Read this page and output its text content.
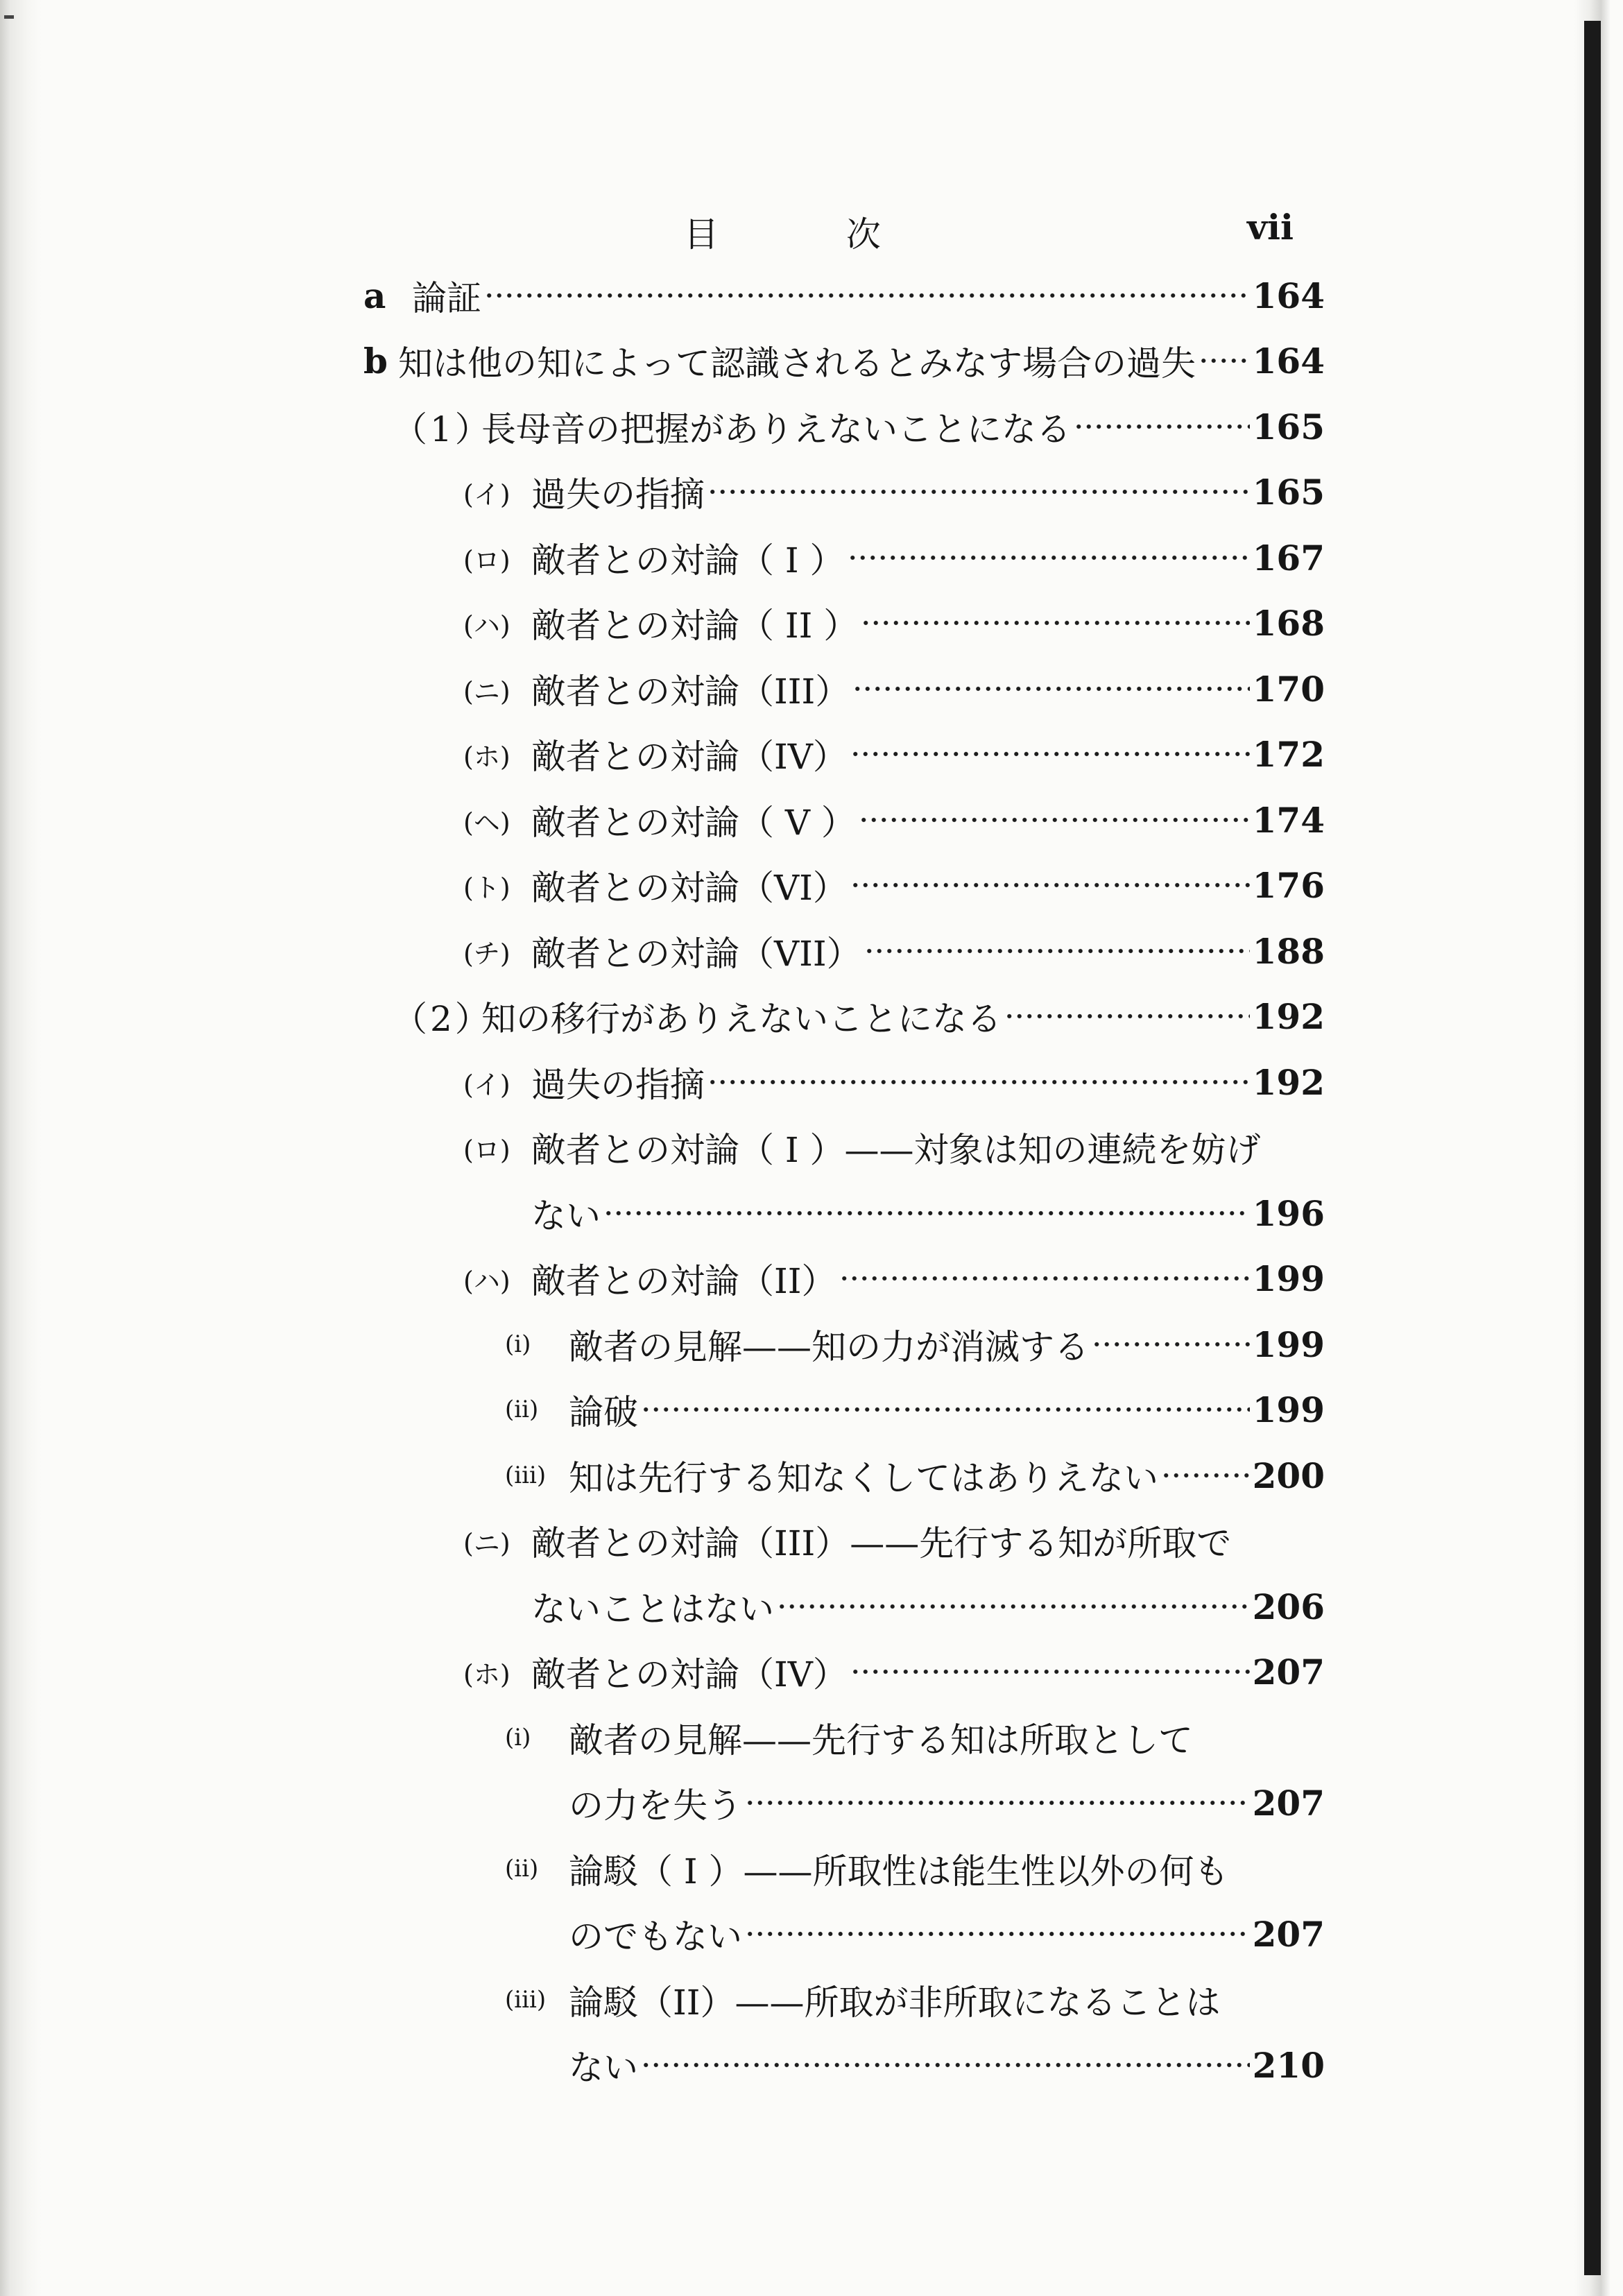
目 次	vii
a 論証	164
b 知は他の知によって認識されるとみなす場合の過失 164
（1）
長母音の把握がありえないことになる	165
(イ) 過失の指摘	165
(ロ) 敵者との対論（ I ）	167
(ハ) 敵者との対論（ II ）	168
(ニ) 敵者との対論（III）	170
(ホ) 敵者との対論（IV）	172
(ヘ) 敵者との対論（ V ）	174
(ト) 敵者との対論（VI）	176
(チ) 敵者との対論（VII）	188
（2）
知の移行がありえないことになる	192
(イ) 過失の指摘	192
(ロ) 敵者との対論（ I ）——対象は知の連続を妨げ
ない	196
(ハ) 敵者との対論（II）	199
(i)	敵者の見解——知の力が消滅する	199
(ii) 論破	199
(iii) 知は先行する知なくしてはありえない	200
(ニ) 敵者との対論（III）——先行する知が所取で
ないことはない	206
(ホ) 敵者との対論（IV）	207
(i)	敵者の見解——先行する知は所取として
の力を失う	207
(ii) 論駁（ I ）——所取性は能生性以外の何も
のでもない	207
(iii) 論駁（II）——所取が非所取になることは
ない	210
